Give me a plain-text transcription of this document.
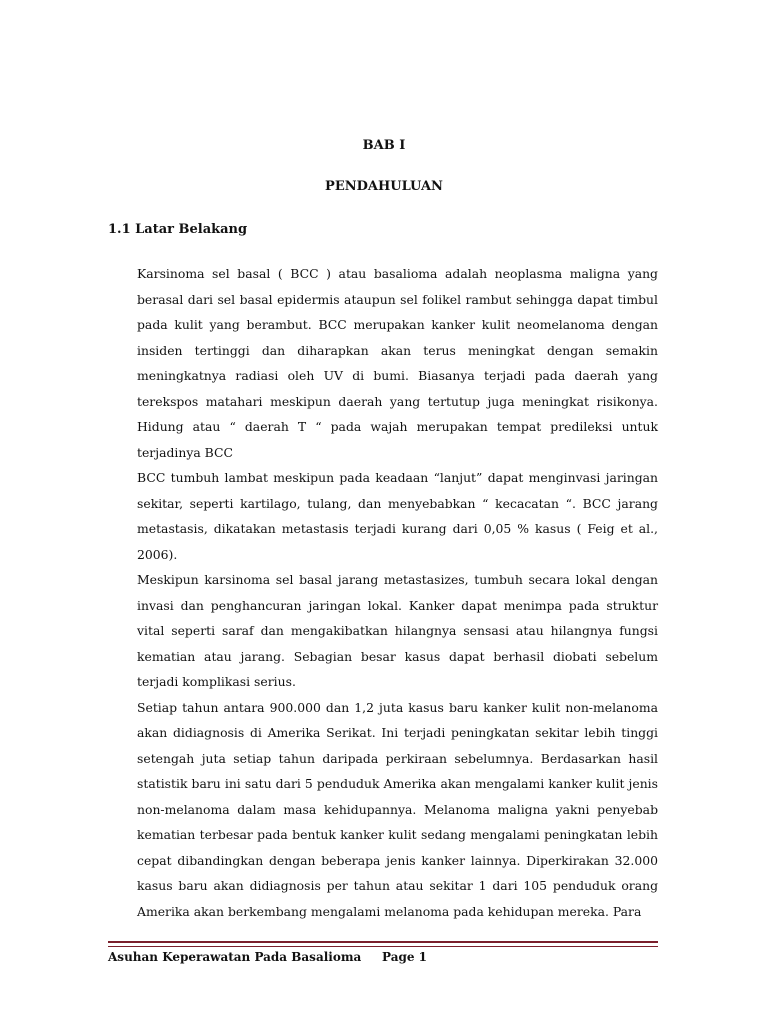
BAB I
PENDAHULUAN
1.1 Latar Belakang

Karsinoma sel basal ( BCC ) atau basalioma adalah neoplasma maligna yang berasal dari sel basal epidermis ataupun sel folikel rambut sehingga dapat timbul pada kulit yang berambut. BCC merupakan kanker kulit neomelanoma dengan insiden tertinggi dan diharapkan akan terus meningkat dengan semakin meningkatnya radiasi oleh UV di bumi. Biasanya terjadi pada daerah yang terekspos matahari meskipun daerah yang tertutup juga meningkat risikonya. Hidung atau “ daerah T “ pada wajah merupakan tempat predileksi untuk terjadinya BCC

BCC tumbuh lambat meskipun pada keadaan “lanjut” dapat menginvasi jaringan sekitar, seperti kartilago, tulang, dan menyebabkan “ kecacatan “. BCC jarang metastasis, dikatakan metastasis terjadi kurang dari 0,05 % kasus ( Feig et al., 2006).

Meskipun karsinoma sel basal jarang metastasizes, tumbuh secara lokal dengan invasi dan penghancuran jaringan lokal. Kanker dapat menimpa pada struktur vital seperti saraf dan mengakibatkan hilangnya sensasi atau hilangnya fungsi kematian atau jarang. Sebagian besar kasus dapat berhasil diobati sebelum terjadi komplikasi serius.

Setiap tahun antara 900.000 dan 1,2 juta kasus baru kanker kulit non-melanoma akan didiagnosis di Amerika Serikat. Ini terjadi peningkatan sekitar lebih tinggi setengah juta setiap tahun daripada perkiraan sebelumnya. Berdasarkan hasil statistik baru ini satu dari 5 penduduk Amerika akan mengalami kanker kulit jenis non-melanoma dalam masa kehidupannya. Melanoma maligna yakni penyebab kematian terbesar pada bentuk kanker kulit sedang mengalami peningkatan lebih cepat dibandingkan dengan beberapa jenis kanker lainnya. Diperkirakan 32.000 kasus baru akan didiagnosis per tahun atau sekitar 1 dari 105 penduduk orang Amerika akan berkembang mengalami melanoma pada kehidupan mereka. Para

Asuhan Keperawatan Pada Basalioma Page 1
